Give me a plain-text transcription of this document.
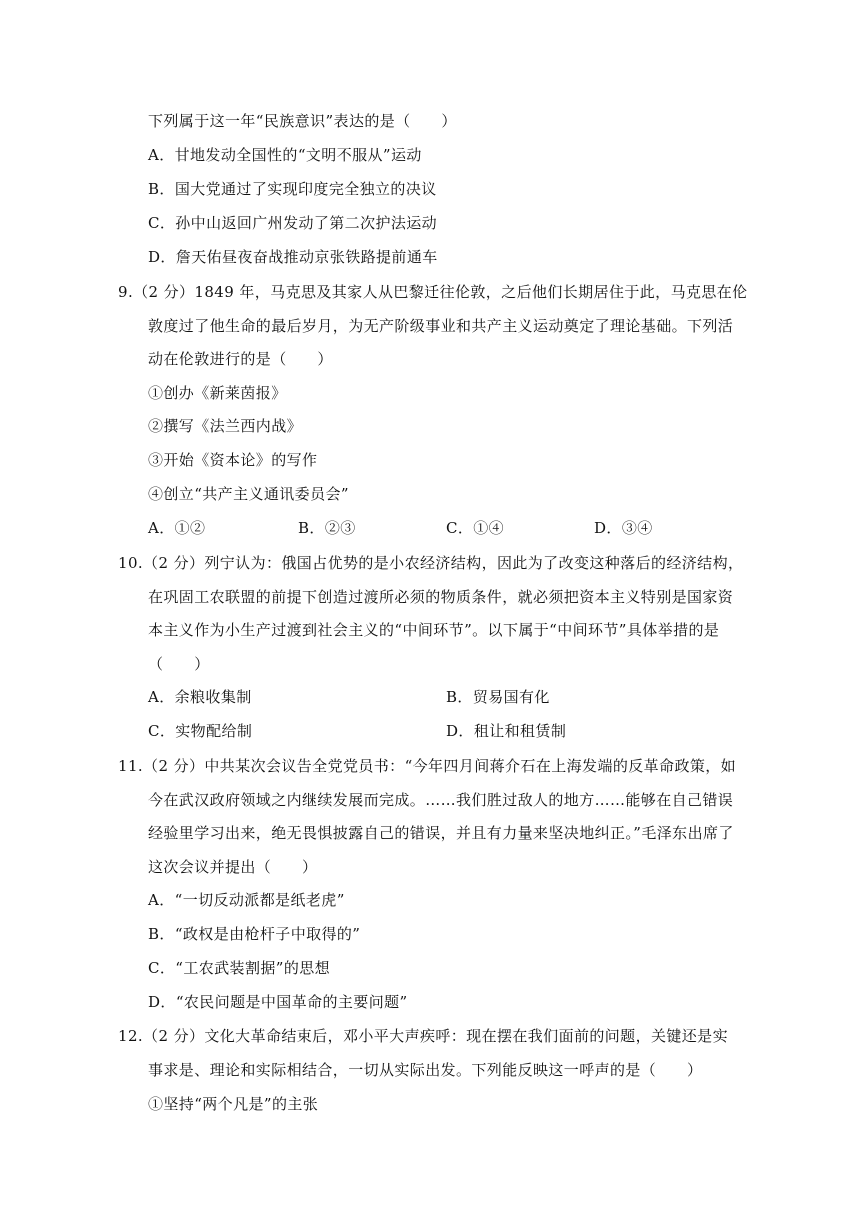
下列属于这一年“民族意识”表达的是（　　）
A．甘地发动全国性的“文明不服从”运动
B．国大党通过了实现印度完全独立的决议
C．孙中山返回广州发动了第二次护法运动
D．詹天佑昼夜奋战推动京张铁路提前通车
9.（2 分）1849 年，马克思及其家人从巴黎迁往伦敦，之后他们长期居住于此，马克思在伦
敦度过了他生命的最后岁月，为无产阶级事业和共产主义运动奠定了理论基础。下列活
动在伦敦进行的是（　　）
①创办《新莱茵报》
②撰写《法兰西内战》
③开始《资本论》的写作
④创立“共产主义通讯委员会”
A．①②	B．②③	C．①④	D．③④
10.（2 分）列宁认为：俄国占优势的是小农经济结构，因此为了改变这种落后的经济结构，
在巩固工农联盟的前提下创造过渡所必须的物质条件，就必须把资本主义特别是国家资
本主义作为小生产过渡到社会主义的“中间环节”。以下属于“中间环节”具体举措的是
（　　）
A．余粮收集制	B．贸易国有化
C．实物配给制	D．租让和租赁制
11.（2 分）中共某次会议告全党党员书：“今年四月间蒋介石在上海发端的反革命政策，如
今在武汉政府领域之内继续发展而完成。……我们胜过敌人的地方……能够在自己错误
经验里学习出来，绝无畏惧披露自己的错误，并且有力量来坚决地纠正。”毛泽东出席了
这次会议并提出（　　）
A．“一切反动派都是纸老虎”
B．“政权是由枪杆子中取得的”
C．“工农武装割据”的思想
D．“农民问题是中国革命的主要问题”
12.（2 分）文化大革命结束后，邓小平大声疾呼：现在摆在我们面前的问题，关键还是实
事求是、理论和实际相结合，一切从实际出发。下列能反映这一呼声的是（　　）
①坚持“两个凡是”的主张
